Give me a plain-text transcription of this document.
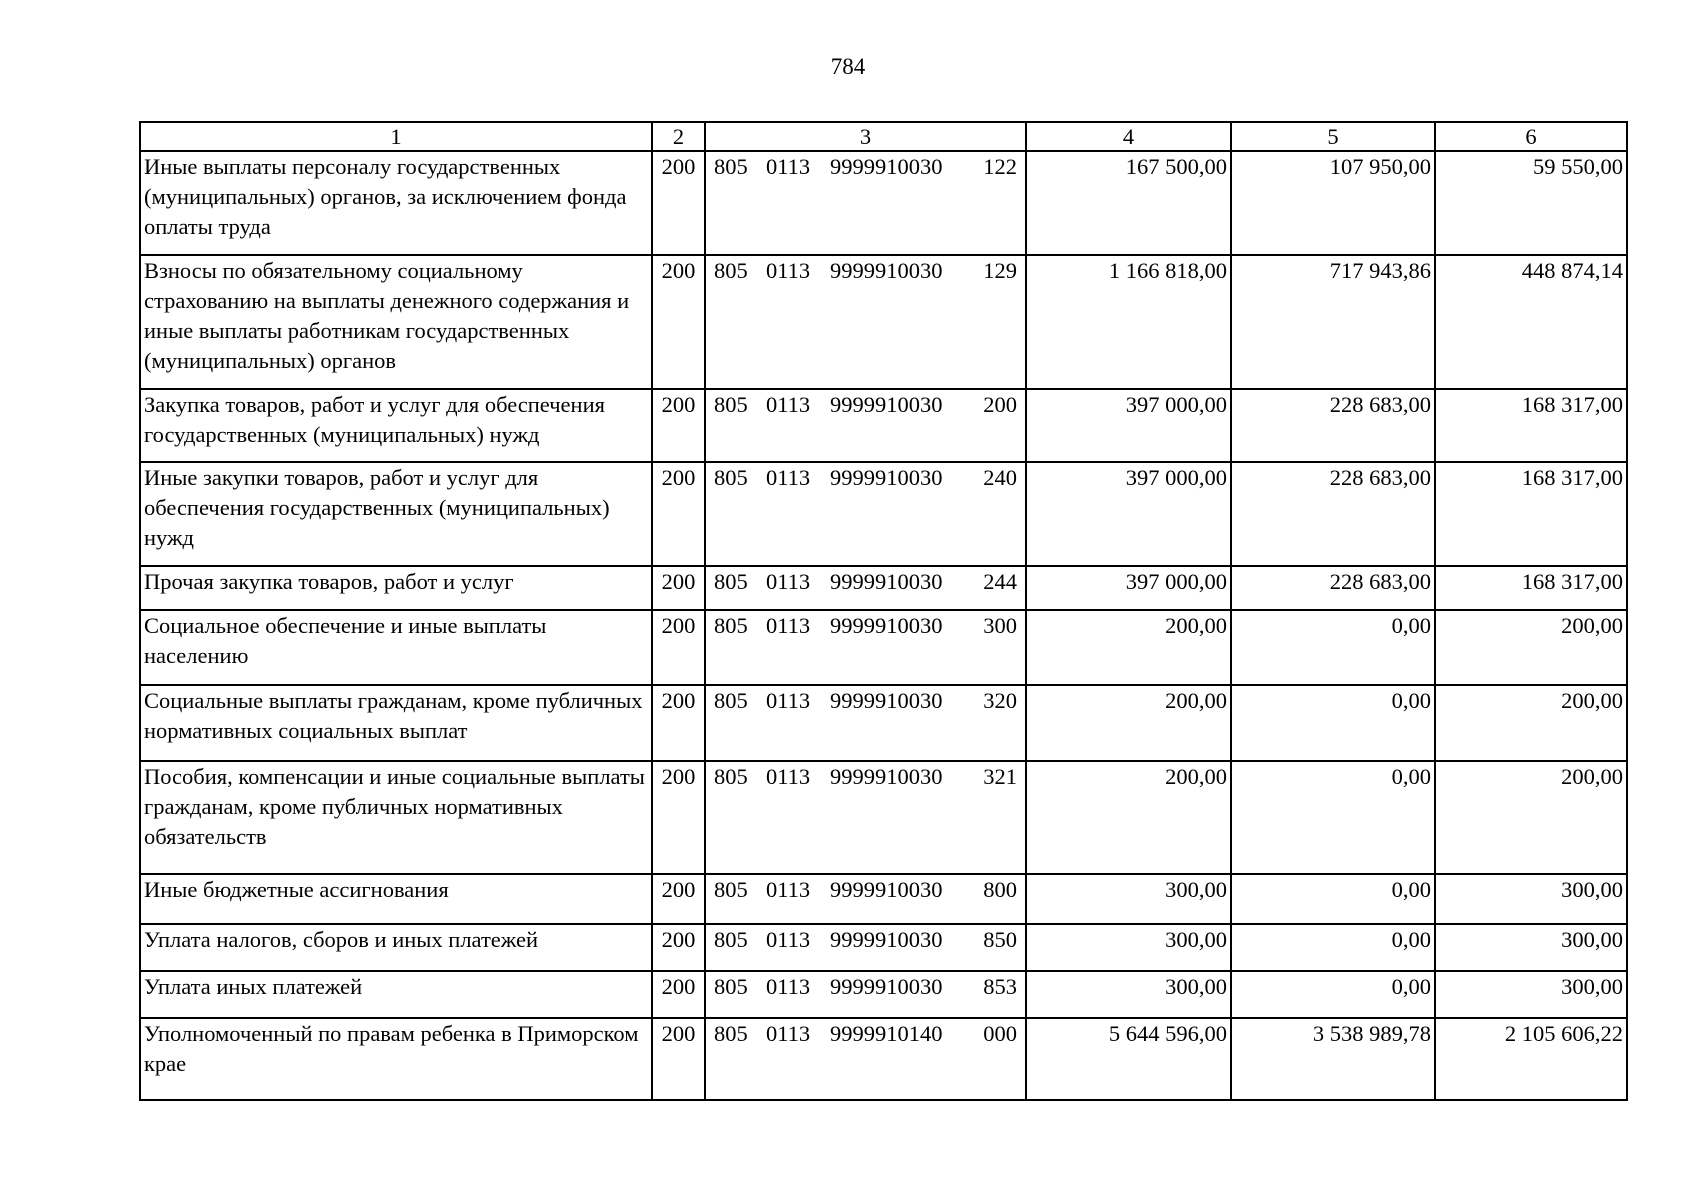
784
1	2	3	4	5	6
Иные выплаты персоналу государственных (муниципальных) органов, за исключением фонда оплаты труда	200	805 0113 9999910030 122	167 500,00	107 950,00	59 550,00
Взносы по обязательному социальному страхованию на выплаты денежного содержания и иные выплаты работникам государственных (муниципальных) органов	200	805 0113 9999910030 129	1 166 818,00	717 943,86	448 874,14
Закупка товаров, работ и услуг для обеспечения государственных (муниципальных) нужд	200	805 0113 9999910030 200	397 000,00	228 683,00	168 317,00
Иные закупки товаров, работ и услуг для обеспечения государственных (муниципальных) нужд	200	805 0113 9999910030 240	397 000,00	228 683,00	168 317,00
Прочая закупка товаров, работ и услуг	200	805 0113 9999910030 244	397 000,00	228 683,00	168 317,00
Социальное обеспечение и иные выплаты населению	200	805 0113 9999910030 300	200,00	0,00	200,00
Социальные выплаты гражданам, кроме публичных нормативных социальных выплат	200	805 0113 9999910030 320	200,00	0,00	200,00
Пособия, компенсации и иные социальные выплаты гражданам, кроме публичных нормативных обязательств	200	805 0113 9999910030 321	200,00	0,00	200,00
Иные бюджетные ассигнования	200	805 0113 9999910030 800	300,00	0,00	300,00
Уплата налогов, сборов и иных платежей	200	805 0113 9999910030 850	300,00	0,00	300,00
Уплата иных платежей	200	805 0113 9999910030 853	300,00	0,00	300,00
Уполномоченный по правам ребенка в Приморском крае	200	805 0113 9999910140 000	5 644 596,00	3 538 989,78	2 105 606,22
